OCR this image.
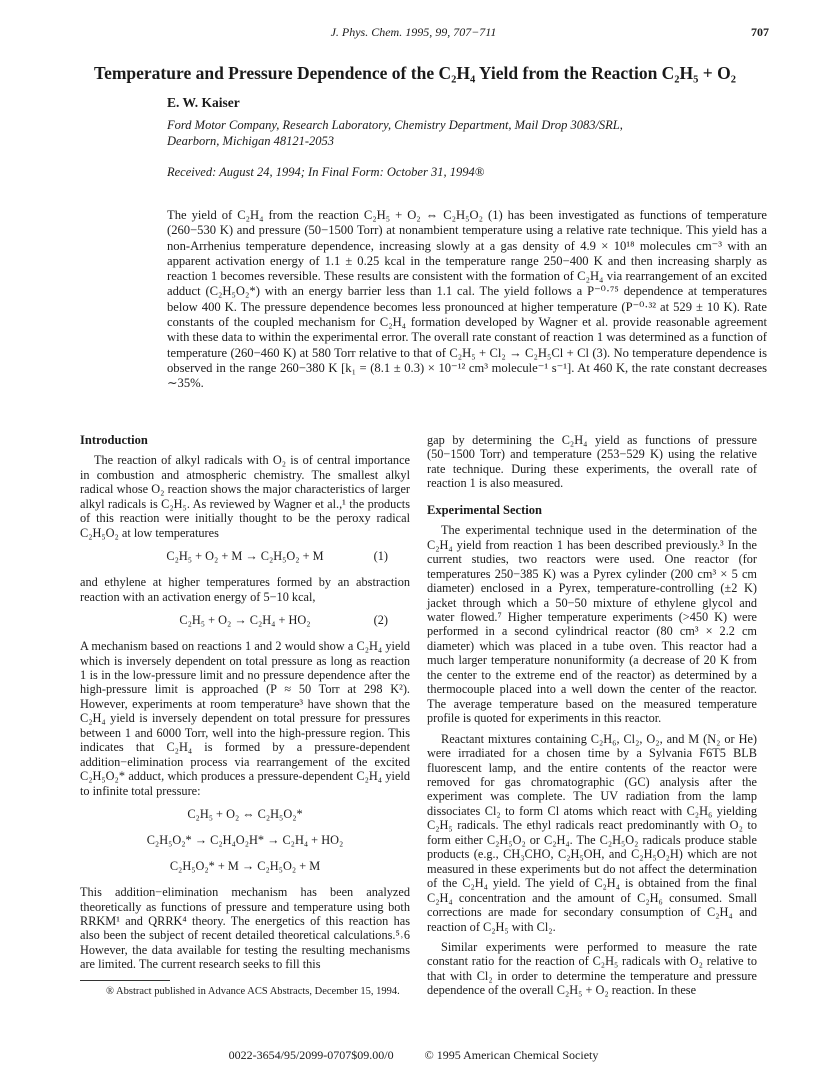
J. Phys. Chem. 1995, 99, 707−711	707
Temperature and Pressure Dependence of the C₂H₄ Yield from the Reaction C₂H₅ + O₂
E. W. Kaiser
Ford Motor Company, Research Laboratory, Chemistry Department, Mail Drop 3083/SRL,
Dearborn, Michigan 48121-2053
Received: August 24, 1994; In Final Form: October 31, 1994®

The yield of C₂H₄ from the reaction C₂H₅ + O₂ ⇔ C₂H₅O₂ (1) has been investigated as functions of temperature (260−530 K) and pressure (50−1500 Torr) at nonambient temperature using a relative rate technique. This yield has a non-Arrhenius temperature dependence, increasing slowly at a gas density of 4.9 × 10¹⁸ molecules cm⁻³ with an apparent activation energy of 1.1 ± 0.25 kcal in the temperature range 250−400 K and then increasing sharply as reaction 1 becomes reversible. These results are consistent with the formation of C₂H₄ via rearrangement of an excited adduct (C₂H₅O₂*) with an energy barrier less than 1.1 cal. The yield follows a P⁻⁰·⁷⁵ dependence at temperatures below 400 K. The pressure dependence becomes less pronounced at higher temperature (P⁻⁰·³² at 529 ± 10 K). Rate constants of the coupled mechanism for C₂H₄ formation developed by Wagner et al. provide reasonable agreement with these data to within the experimental error. The overall rate constant of reaction 1 was determined as a function of temperature (260−460 K) at 580 Torr relative to that of C₂H₅ + Cl₂ → C₂H₅Cl + Cl (3). No temperature dependence is observed in the range 260−380 K [k₁ = (8.1 ± 0.3) × 10⁻¹² cm³ molecule⁻¹ s⁻¹]. At 460 K, the rate constant decreases ∼35%.

Introduction

The reaction of alkyl radicals with O₂ is of central importance in combustion and atmospheric chemistry. The smallest alkyl radical whose O₂ reaction shows the major characteristics of larger alkyl radicals is C₂H₅. As reviewed by Wagner et al.,¹ the products of this reaction were initially thought to be the peroxy radical C₂H₅O₂ at low temperatures

C₂H₅ + O₂ + M → C₂H₅O₂ + M	(1)

and ethylene at higher temperatures formed by an abstraction reaction with an activation energy of 5−10 kcal,

C₂H₅ + O₂ → C₂H₄ + HO₂	(2)

A mechanism based on reactions 1 and 2 would show a C₂H₄ yield which is inversely dependent on total pressure as long as reaction 1 is in the low-pressure limit and no pressure dependence after the high-pressure limit is approached (P ≈ 50 Torr at 298 K²). However, experiments at room temperature³ have shown that the C₂H₄ yield is inversely dependent on total pressure for pressures between 1 and 6000 Torr, well into the high-pressure region. This indicates that C₂H₄ is formed by a pressure-dependent addition−elimination process via rearrangement of the excited C₂H₅O₂* adduct, which produces a pressure-dependent C₂H₄ yield to infinite total pressure:

C₂H₅ + O₂ ⇔ C₂H₅O₂*
C₂H₅O₂* → C₂H₄O₂H* → C₂H₄ + HO₂
C₂H₅O₂* + M → C₂H₅O₂ + M

This addition−elimination mechanism has been analyzed theoretically as functions of pressure and temperature using both RRKM¹ and QRRK⁴ theory. The energetics of this reaction has also been the subject of recent detailed theoretical calculations.⁵˒6 However, the data available for testing the resulting mechanisms are limited. The current research seeks to fill this

® Abstract published in Advance ACS Abstracts, December 15, 1994.

gap by determining the C₂H₄ yield as functions of pressure (50−1500 Torr) and temperature (253−529 K) using the relative rate technique. During these experiments, the overall rate of reaction 1 is also measured.

Experimental Section

The experimental technique used in the determination of the C₂H₄ yield from reaction 1 has been described previously.³ In the current studies, two reactors were used. One reactor (for temperatures 250−385 K) was a Pyrex cylinder (200 cm³ × 5 cm diameter) enclosed in a Pyrex, temperature-controlling (±2 K) jacket through which a 50−50 mixture of ethylene glycol and water flowed.⁷ Higher temperature experiments (>450 K) were performed in a second cylindrical reactor (80 cm³ × 2.2 cm diameter) which was placed in a tube oven. This reactor had a much larger temperature nonuniformity (a decrease of 20 K from the center to the extreme end of the reactor) as determined by a thermocouple placed into a well down the center of the reactor. The average temperature based on the measured temperature profile is quoted for experiments in this reactor.

Reactant mixtures containing C₂H₆, Cl₂, O₂, and M (N₂ or He) were irradiated for a chosen time by a Sylvania F6T5 BLB fluorescent lamp, and the entire contents of the reactor were removed for gas chromatographic (GC) analysis after the experiment was complete. The UV radiation from the lamp dissociates Cl₂ to form Cl atoms which react with C₂H₆ yielding C₂H₅ radicals. The ethyl radicals react predominantly with O₂ to form either C₂H₅O₂ or C₂H₄. The C₂H₅O₂ radicals produce stable products (e.g., CH₃CHO, C₂H₅OH, and C₂H₅O₂H) which are not measured in these experiments but do not affect the determination of the C₂H₄ yield. The yield of C₂H₄ is obtained from the final C₂H₄ concentration and the amount of C₂H₆ consumed. Small corrections are made for secondary consumption of C₂H₄ and reaction of C₂H₅ with Cl₂.

Similar experiments were performed to measure the rate constant ratio for the reaction of C₂H₅ radicals with O₂ relative to that with Cl₂ in order to determine the temperature and pressure dependence of the overall C₂H₅ + O₂ reaction. In these

0022-3654/95/2099-0707$09.00/0	© 1995 American Chemical Society
